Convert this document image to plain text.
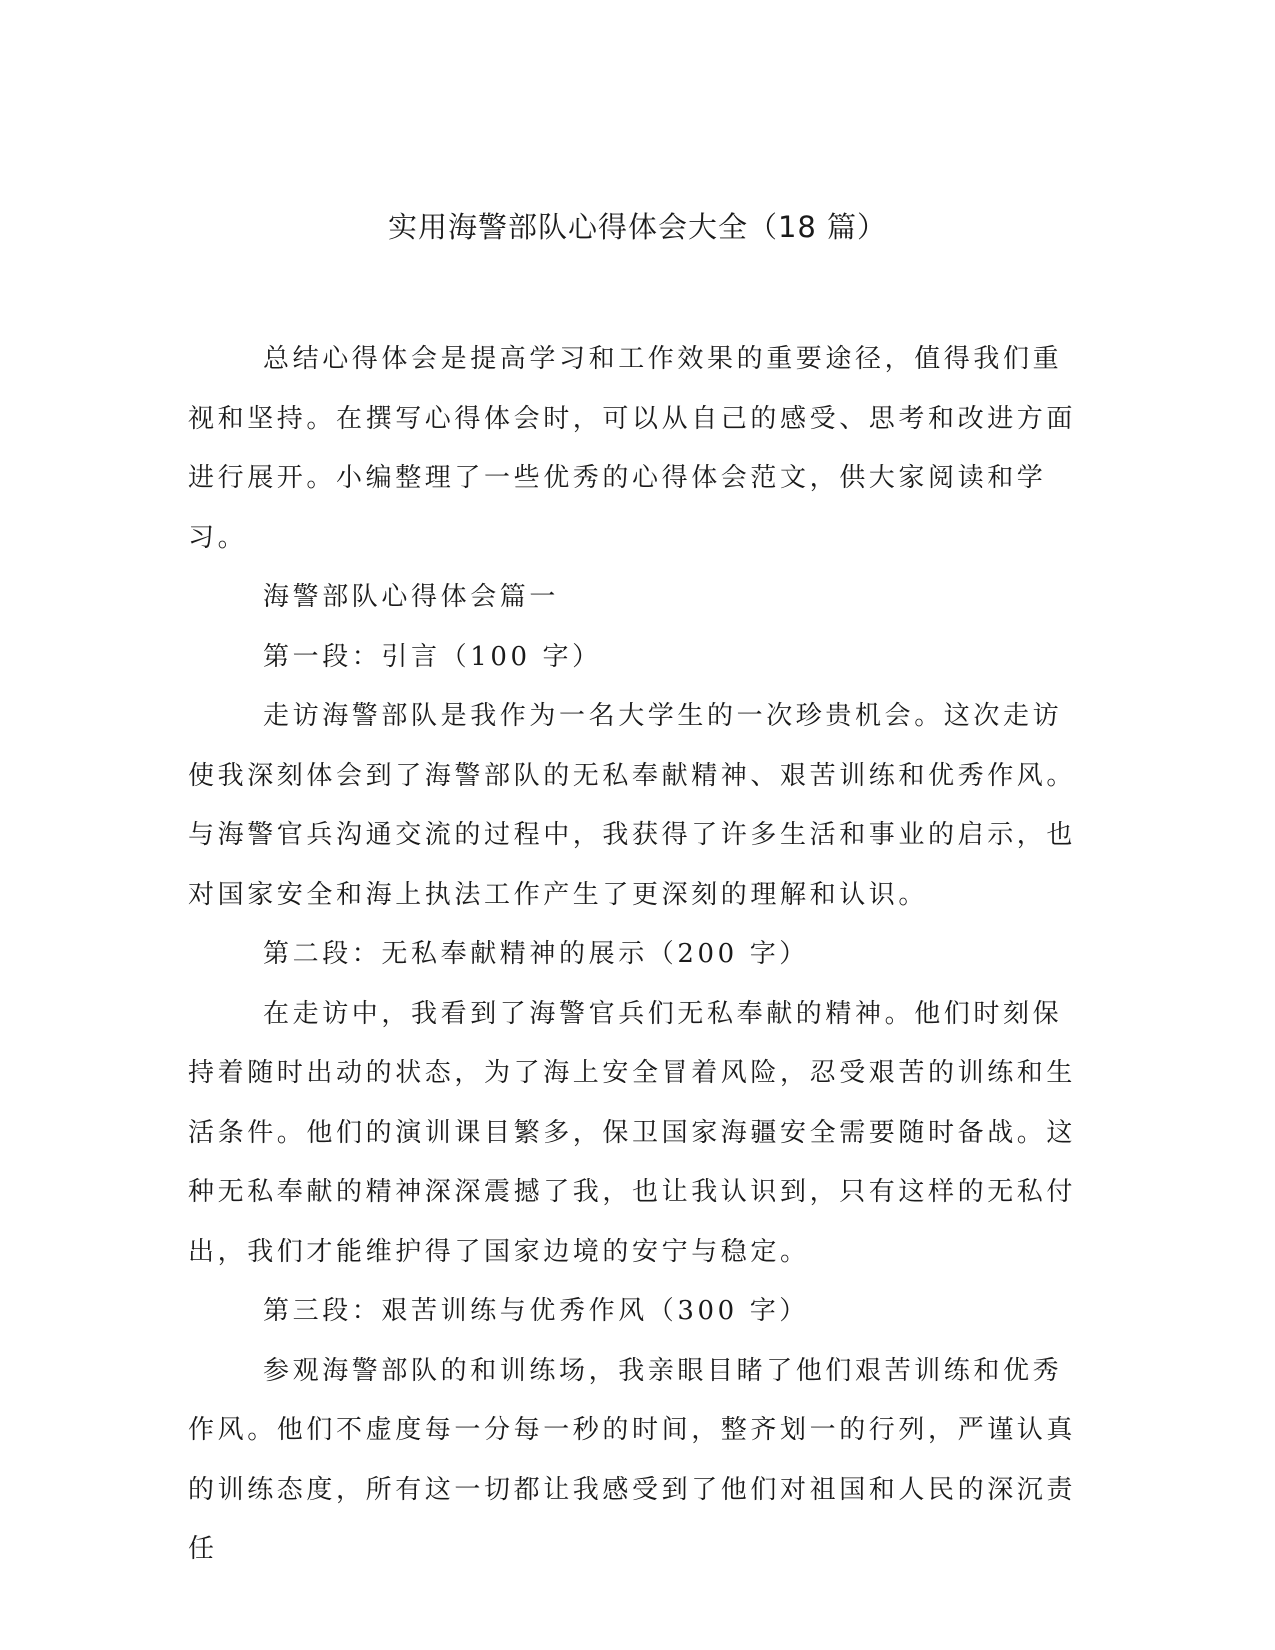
实用海警部队心得体会大全（18 篇）

总结心得体会是提高学习和工作效果的重要途径，值得我们重视和坚持。在撰写心得体会时，可以从自己的感受、思考和改进方面进行展开。小编整理了一些优秀的心得体会范文，供大家阅读和学习。

海警部队心得体会篇一

第一段：引言（100 字）

走访海警部队是我作为一名大学生的一次珍贵机会。这次走访使我深刻体会到了海警部队的无私奉献精神、艰苦训练和优秀作风。与海警官兵沟通交流的过程中，我获得了许多生活和事业的启示，也对国家安全和海上执法工作产生了更深刻的理解和认识。

第二段：无私奉献精神的展示（200 字）

在走访中，我看到了海警官兵们无私奉献的精神。他们时刻保持着随时出动的状态，为了海上安全冒着风险，忍受艰苦的训练和生活条件。他们的演训课目繁多，保卫国家海疆安全需要随时备战。这种无私奉献的精神深深震撼了我，也让我认识到，只有这样的无私付出，我们才能维护得了国家边境的安宁与稳定。

第三段：艰苦训练与优秀作风（300 字）

参观海警部队的和训练场，我亲眼目睹了他们艰苦训练和优秀作风。他们不虚度每一分每一秒的时间，整齐划一的行列，严谨认真的训练态度，所有这一切都让我感受到了他们对祖国和人民的深沉责任
